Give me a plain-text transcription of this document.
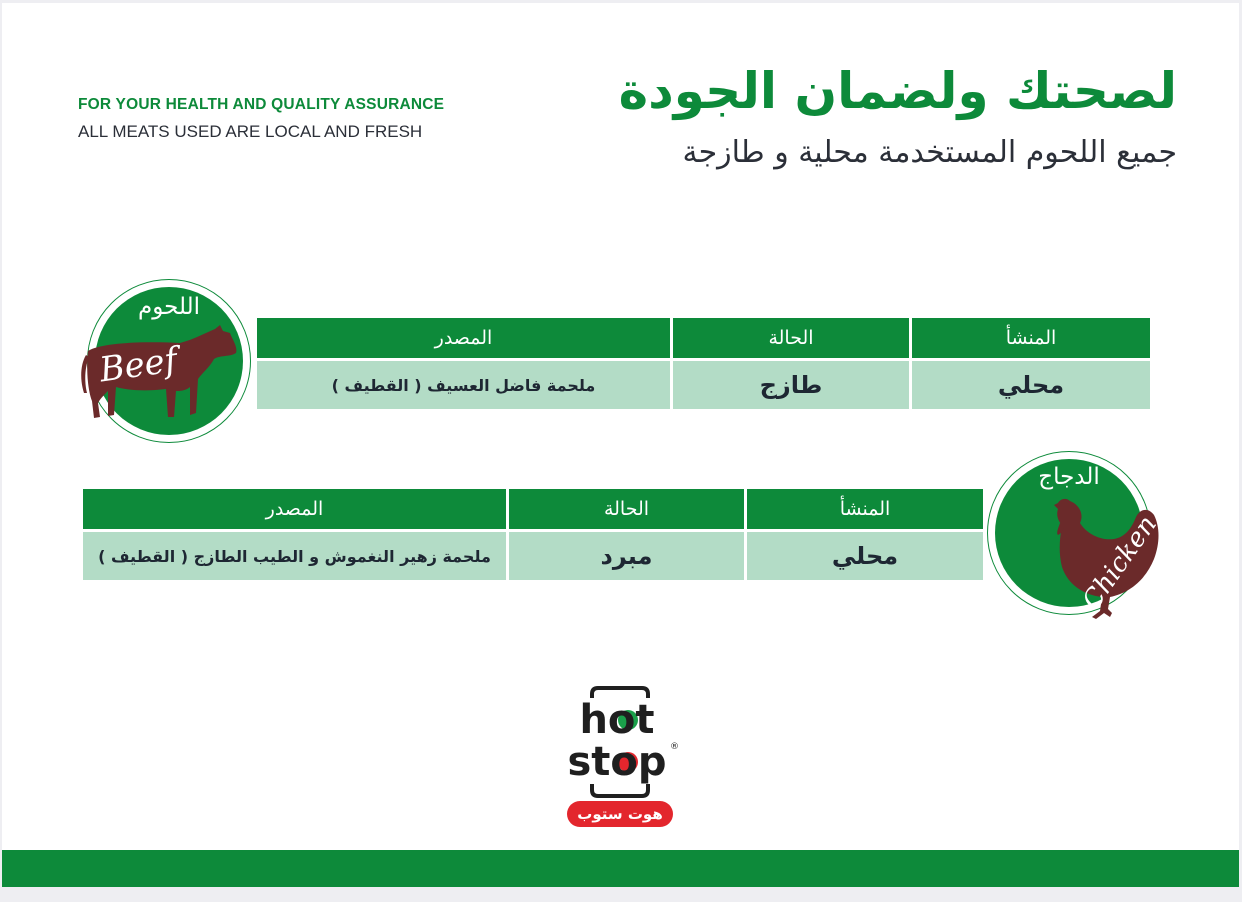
FOR YOUR HEALTH AND QUALITY ASSURANCE
ALL MEATS USED ARE LOCAL AND FRESH
لصحتك ولضمان الجودة
جميع اللحوم المستخدمة محلية و طازجة
اللحوم
Beef
المنشأ	الحالة	المصدر
محلي	طازج	ملحمة فاضل العسيف ( القطيف )
الدجاج
Chicken
المنشأ	الحالة	المصدر
محلي	مبرد	ملحمة زهير النغموش و الطيب الطازج ( القطيف )
hot
stop ®
هوت ستوب
